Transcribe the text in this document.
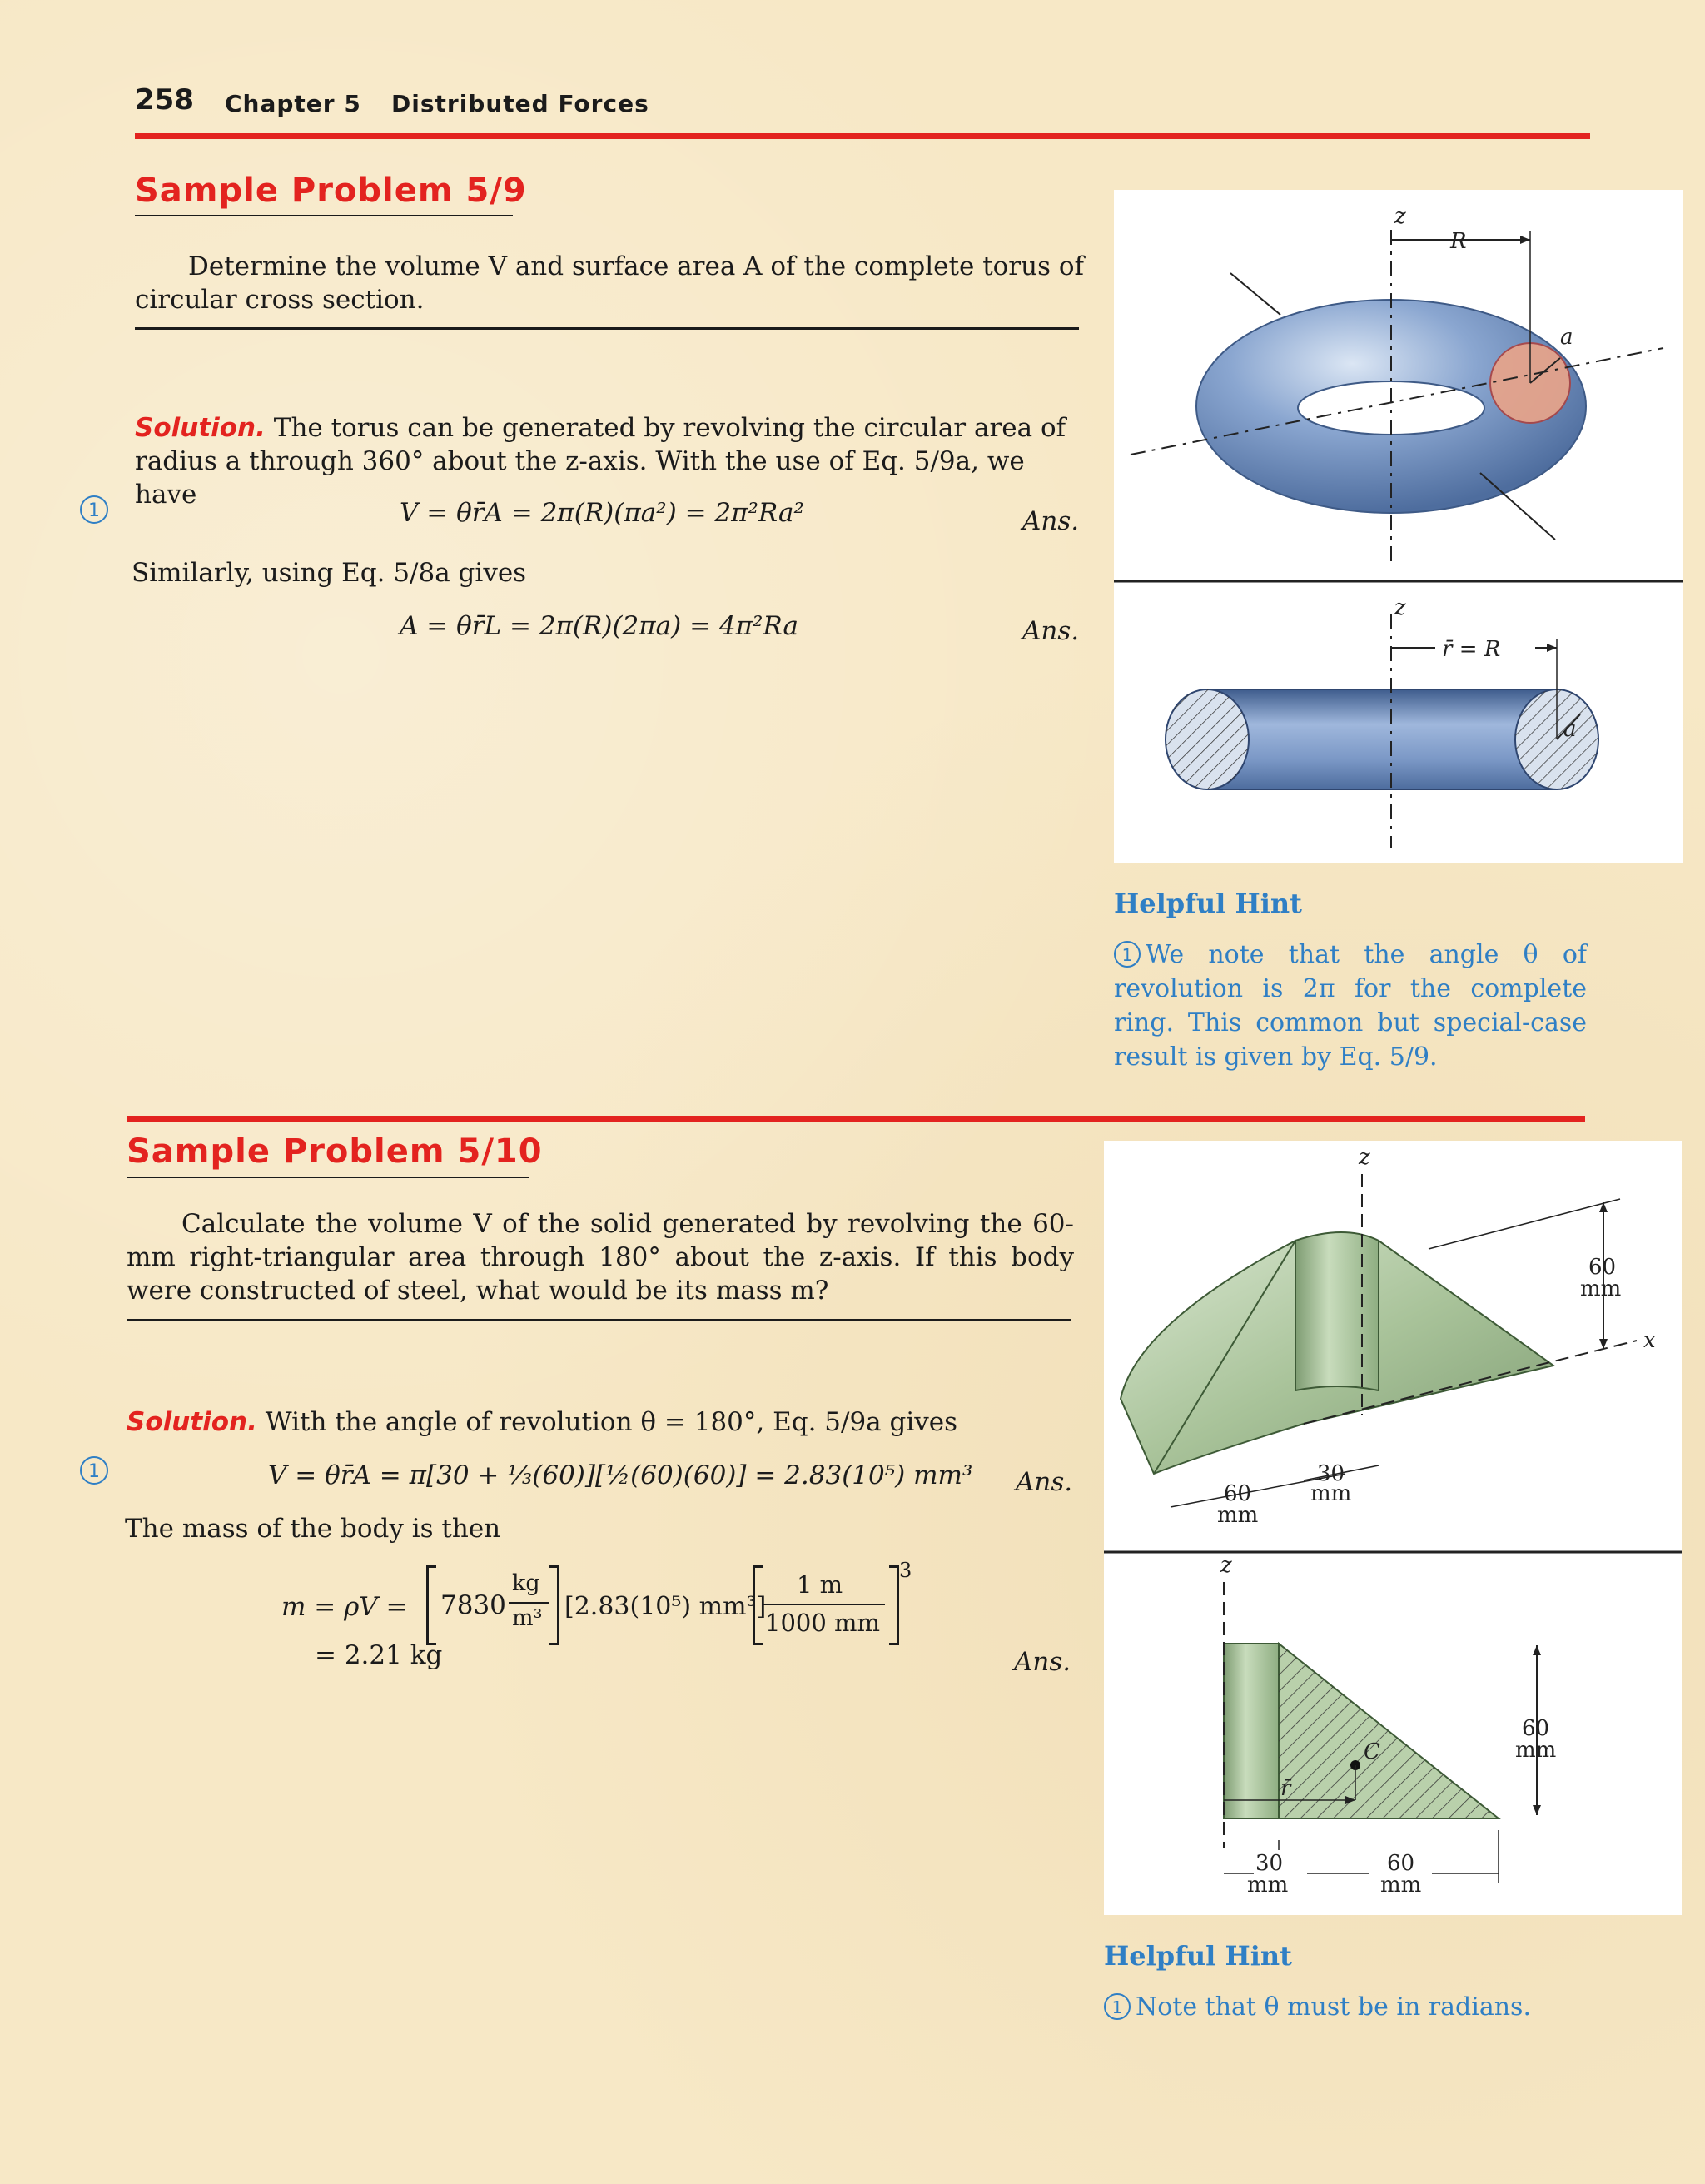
258 Chapter 5 Distributed Forces
Sample Problem 5/9
Determine the volume V and surface area A of the complete torus of circular cross section.
Solution. The torus can be generated by revolving the circular area of radius a through 360° about the z-axis. With the use of Eq. 5/9a, we have
1	V = θr̄A = 2π(R)(πa²) = 2π²Ra²	Ans.
Similarly, using Eq. 5/8a gives
A = θr̄L = 2π(R)(2πa) = 4π²Ra	Ans.
z
R
a
z
r̄ = R
a
Helpful Hint
1 We note that the angle θ of revolution is 2π for the complete ring. This common but special-case result is given by Eq. 5/9.
Sample Problem 5/10
Calculate the volume V of the solid generated by revolving the 60-mm right-triangular area through 180° about the z-axis. If this body were constructed of steel, what would be its mass m?
Solution. With the angle of revolution θ = 180°, Eq. 5/9a gives
1	V = θr̄A = π[30 + ⅓(60)][½(60)(60)] = 2.83(10⁵) mm³ Ans.
The mass of the body is then
m = ρV = 7830
kg
m³ [2.83(10⁵) mm³]
1 m
1000 mm
3
= 2.21 kg	Ans.
z
60
mm
x
60
mm
30
mm
z
C
r̄
60
mm
30
mm
60
mm
Helpful Hint
1 Note that θ must be in radians.
